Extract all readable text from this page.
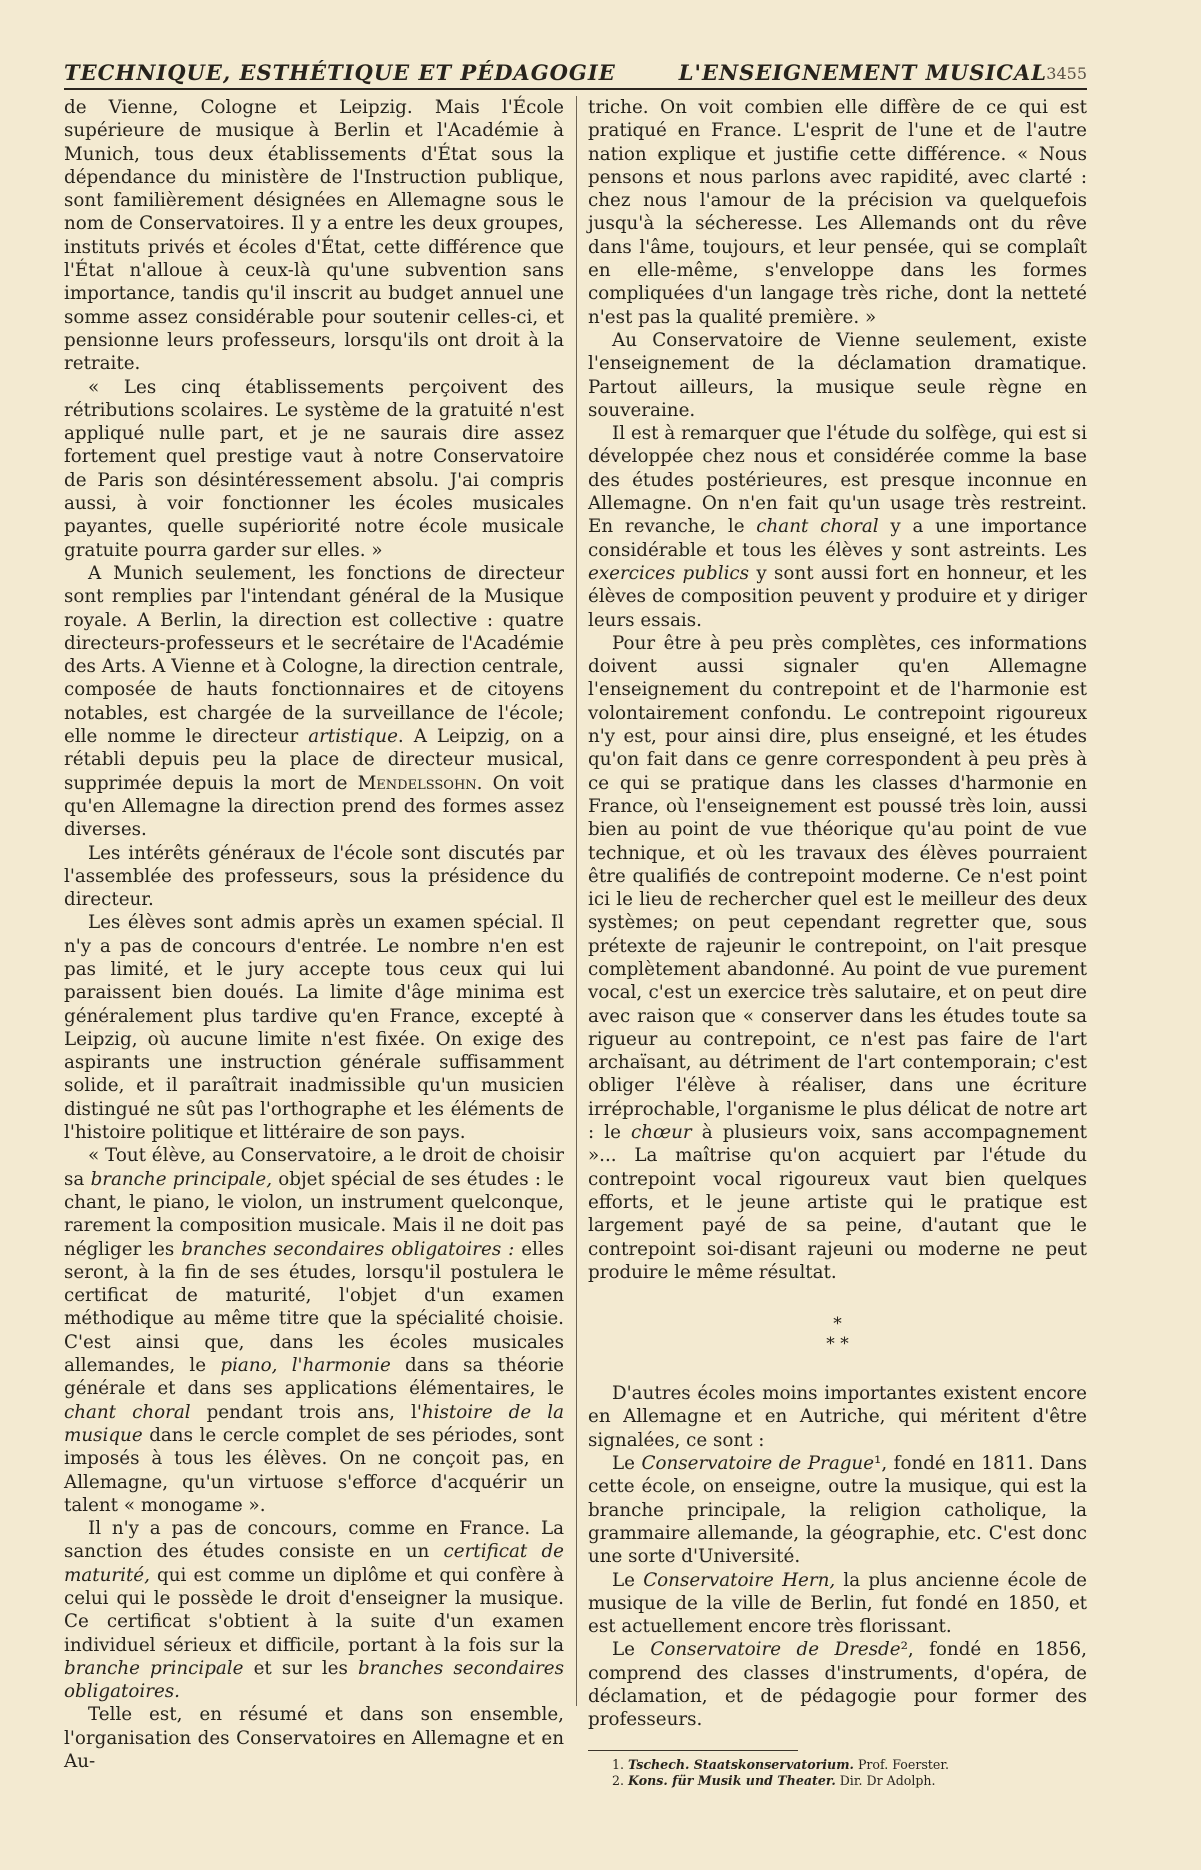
TECHNIQUE, ESTHÉTIQUE ET PÉDAGOGIE	L'ENSEIGNEMENT MUSICAL 3455

de Vienne, Cologne et Leipzig. Mais l'École supérieure de musique à Berlin et l'Académie à Munich, tous deux établissements d'État sous la dépendance du ministère de l'Instruction publique, sont familièrement désignées en Allemagne sous le nom de Conservatoires. Il y a entre les deux groupes, instituts privés et écoles d'État, cette différence que l'État n'alloue à ceux-là qu'une subvention sans importance, tandis qu'il inscrit au budget annuel une somme assez considérable pour soutenir celles-ci, et pensionne leurs professeurs, lorsqu'ils ont droit à la retraite.

« Les cinq établissements perçoivent des rétributions scolaires. Le système de la gratuité n'est appliqué nulle part, et je ne saurais dire assez fortement quel prestige vaut à notre Conservatoire de Paris son désintéressement absolu. J'ai compris aussi, à voir fonctionner les écoles musicales payantes, quelle supériorité notre école musicale gratuite pourra garder sur elles. »

A Munich seulement, les fonctions de directeur sont remplies par l'intendant général de la Musique royale. A Berlin, la direction est collective : quatre directeurs-professeurs et le secrétaire de l'Académie des Arts. A Vienne et à Cologne, la direction centrale, composée de hauts fonctionnaires et de citoyens notables, est chargée de la surveillance de l'école; elle nomme le directeur artistique. A Leipzig, on a rétabli depuis peu la place de directeur musical, supprimée depuis la mort de Mendelssohn. On voit qu'en Allemagne la direction prend des formes assez diverses.

Les intérêts généraux de l'école sont discutés par l'assemblée des professeurs, sous la présidence du directeur.

Les élèves sont admis après un examen spécial. Il n'y a pas de concours d'entrée. Le nombre n'en est pas limité, et le jury accepte tous ceux qui lui paraissent bien doués. La limite d'âge minima est généralement plus tardive qu'en France, excepté à Leipzig, où aucune limite n'est fixée. On exige des aspirants une instruction générale suffisamment solide, et il paraîtrait inadmissible qu'un musicien distingué ne sût pas l'orthographe et les éléments de l'histoire politique et littéraire de son pays.

« Tout élève, au Conservatoire, a le droit de choisir sa branche principale, objet spécial de ses études : le chant, le piano, le violon, un instrument quelconque, rarement la composition musicale. Mais il ne doit pas négliger les branches secondaires obligatoires : elles seront, à la fin de ses études, lorsqu'il postulera le certificat de maturité, l'objet d'un examen méthodique au même titre que la spécialité choisie. C'est ainsi que, dans les écoles musicales allemandes, le piano, l'harmonie dans sa théorie générale et dans ses applications élémentaires, le chant choral pendant trois ans, l'histoire de la musique dans le cercle complet de ses périodes, sont imposés à tous les élèves. On ne conçoit pas, en Allemagne, qu'un virtuose s'efforce d'acquérir un talent « monogame ».

Il n'y a pas de concours, comme en France. La sanction des études consiste en un certificat de maturité, qui est comme un diplôme et qui confère à celui qui le possède le droit d'enseigner la musique. Ce certificat s'obtient à la suite d'un examen individuel sérieux et difficile, portant à la fois sur la branche principale et sur les branches secondaires obligatoires.

Telle est, en résumé et dans son ensemble, l'organisation des Conservatoires en Allemagne et en Au-

triche. On voit combien elle diffère de ce qui est pratiqué en France. L'esprit de l'une et de l'autre nation explique et justifie cette différence. « Nous pensons et nous parlons avec rapidité, avec clarté : chez nous l'amour de la précision va quelquefois jusqu'à la sécheresse. Les Allemands ont du rêve dans l'âme, toujours, et leur pensée, qui se complaît en elle-même, s'enveloppe dans les formes compliquées d'un langage très riche, dont la netteté n'est pas la qualité première. »

Au Conservatoire de Vienne seulement, existe l'enseignement de la déclamation dramatique. Partout ailleurs, la musique seule règne en souveraine.

Il est à remarquer que l'étude du solfège, qui est si développée chez nous et considérée comme la base des études postérieures, est presque inconnue en Allemagne. On n'en fait qu'un usage très restreint. En revanche, le chant choral y a une importance considérable et tous les élèves y sont astreints. Les exercices publics y sont aussi fort en honneur, et les élèves de composition peuvent y produire et y diriger leurs essais.

Pour être à peu près complètes, ces informations doivent aussi signaler qu'en Allemagne l'enseignement du contrepoint et de l'harmonie est volontairement confondu. Le contrepoint rigoureux n'y est, pour ainsi dire, plus enseigné, et les études qu'on fait dans ce genre correspondent à peu près à ce qui se pratique dans les classes d'harmonie en France, où l'enseignement est poussé très loin, aussi bien au point de vue théorique qu'au point de vue technique, et où les travaux des élèves pourraient être qualifiés de contrepoint moderne. Ce n'est point ici le lieu de rechercher quel est le meilleur des deux systèmes; on peut cependant regretter que, sous prétexte de rajeunir le contrepoint, on l'ait presque complètement abandonné. Au point de vue purement vocal, c'est un exercice très salutaire, et on peut dire avec raison que « conserver dans les études toute sa rigueur au contrepoint, ce n'est pas faire de l'art archaïsant, au détriment de l'art contemporain; c'est obliger l'élève à réaliser, dans une écriture irréprochable, l'organisme le plus délicat de notre art : le chœur à plusieurs voix, sans accompagnement »... La maîtrise qu'on acquiert par l'étude du contrepoint vocal rigoureux vaut bien quelques efforts, et le jeune artiste qui le pratique est largement payé de sa peine, d'autant que le contrepoint soi-disant rajeuni ou moderne ne peut produire le même résultat.

*
* *

D'autres écoles moins importantes existent encore en Allemagne et en Autriche, qui méritent d'être signalées, ce sont :

Le Conservatoire de Prague¹, fondé en 1811. Dans cette école, on enseigne, outre la musique, qui est la branche principale, la religion catholique, la grammaire allemande, la géographie, etc. C'est donc une sorte d'Université.

Le Conservatoire Hern, la plus ancienne école de musique de la ville de Berlin, fut fondé en 1850, et est actuellement encore très florissant.

Le Conservatoire de Dresde², fondé en 1856, comprend des classes d'instruments, d'opéra, de déclamation, et de pédagogie pour former des professeurs.

1. Tschech. Staatskonservatorium. Prof. Foerster.
2. Kons. für Musik und Theater. Dir. Dr Adolph.
